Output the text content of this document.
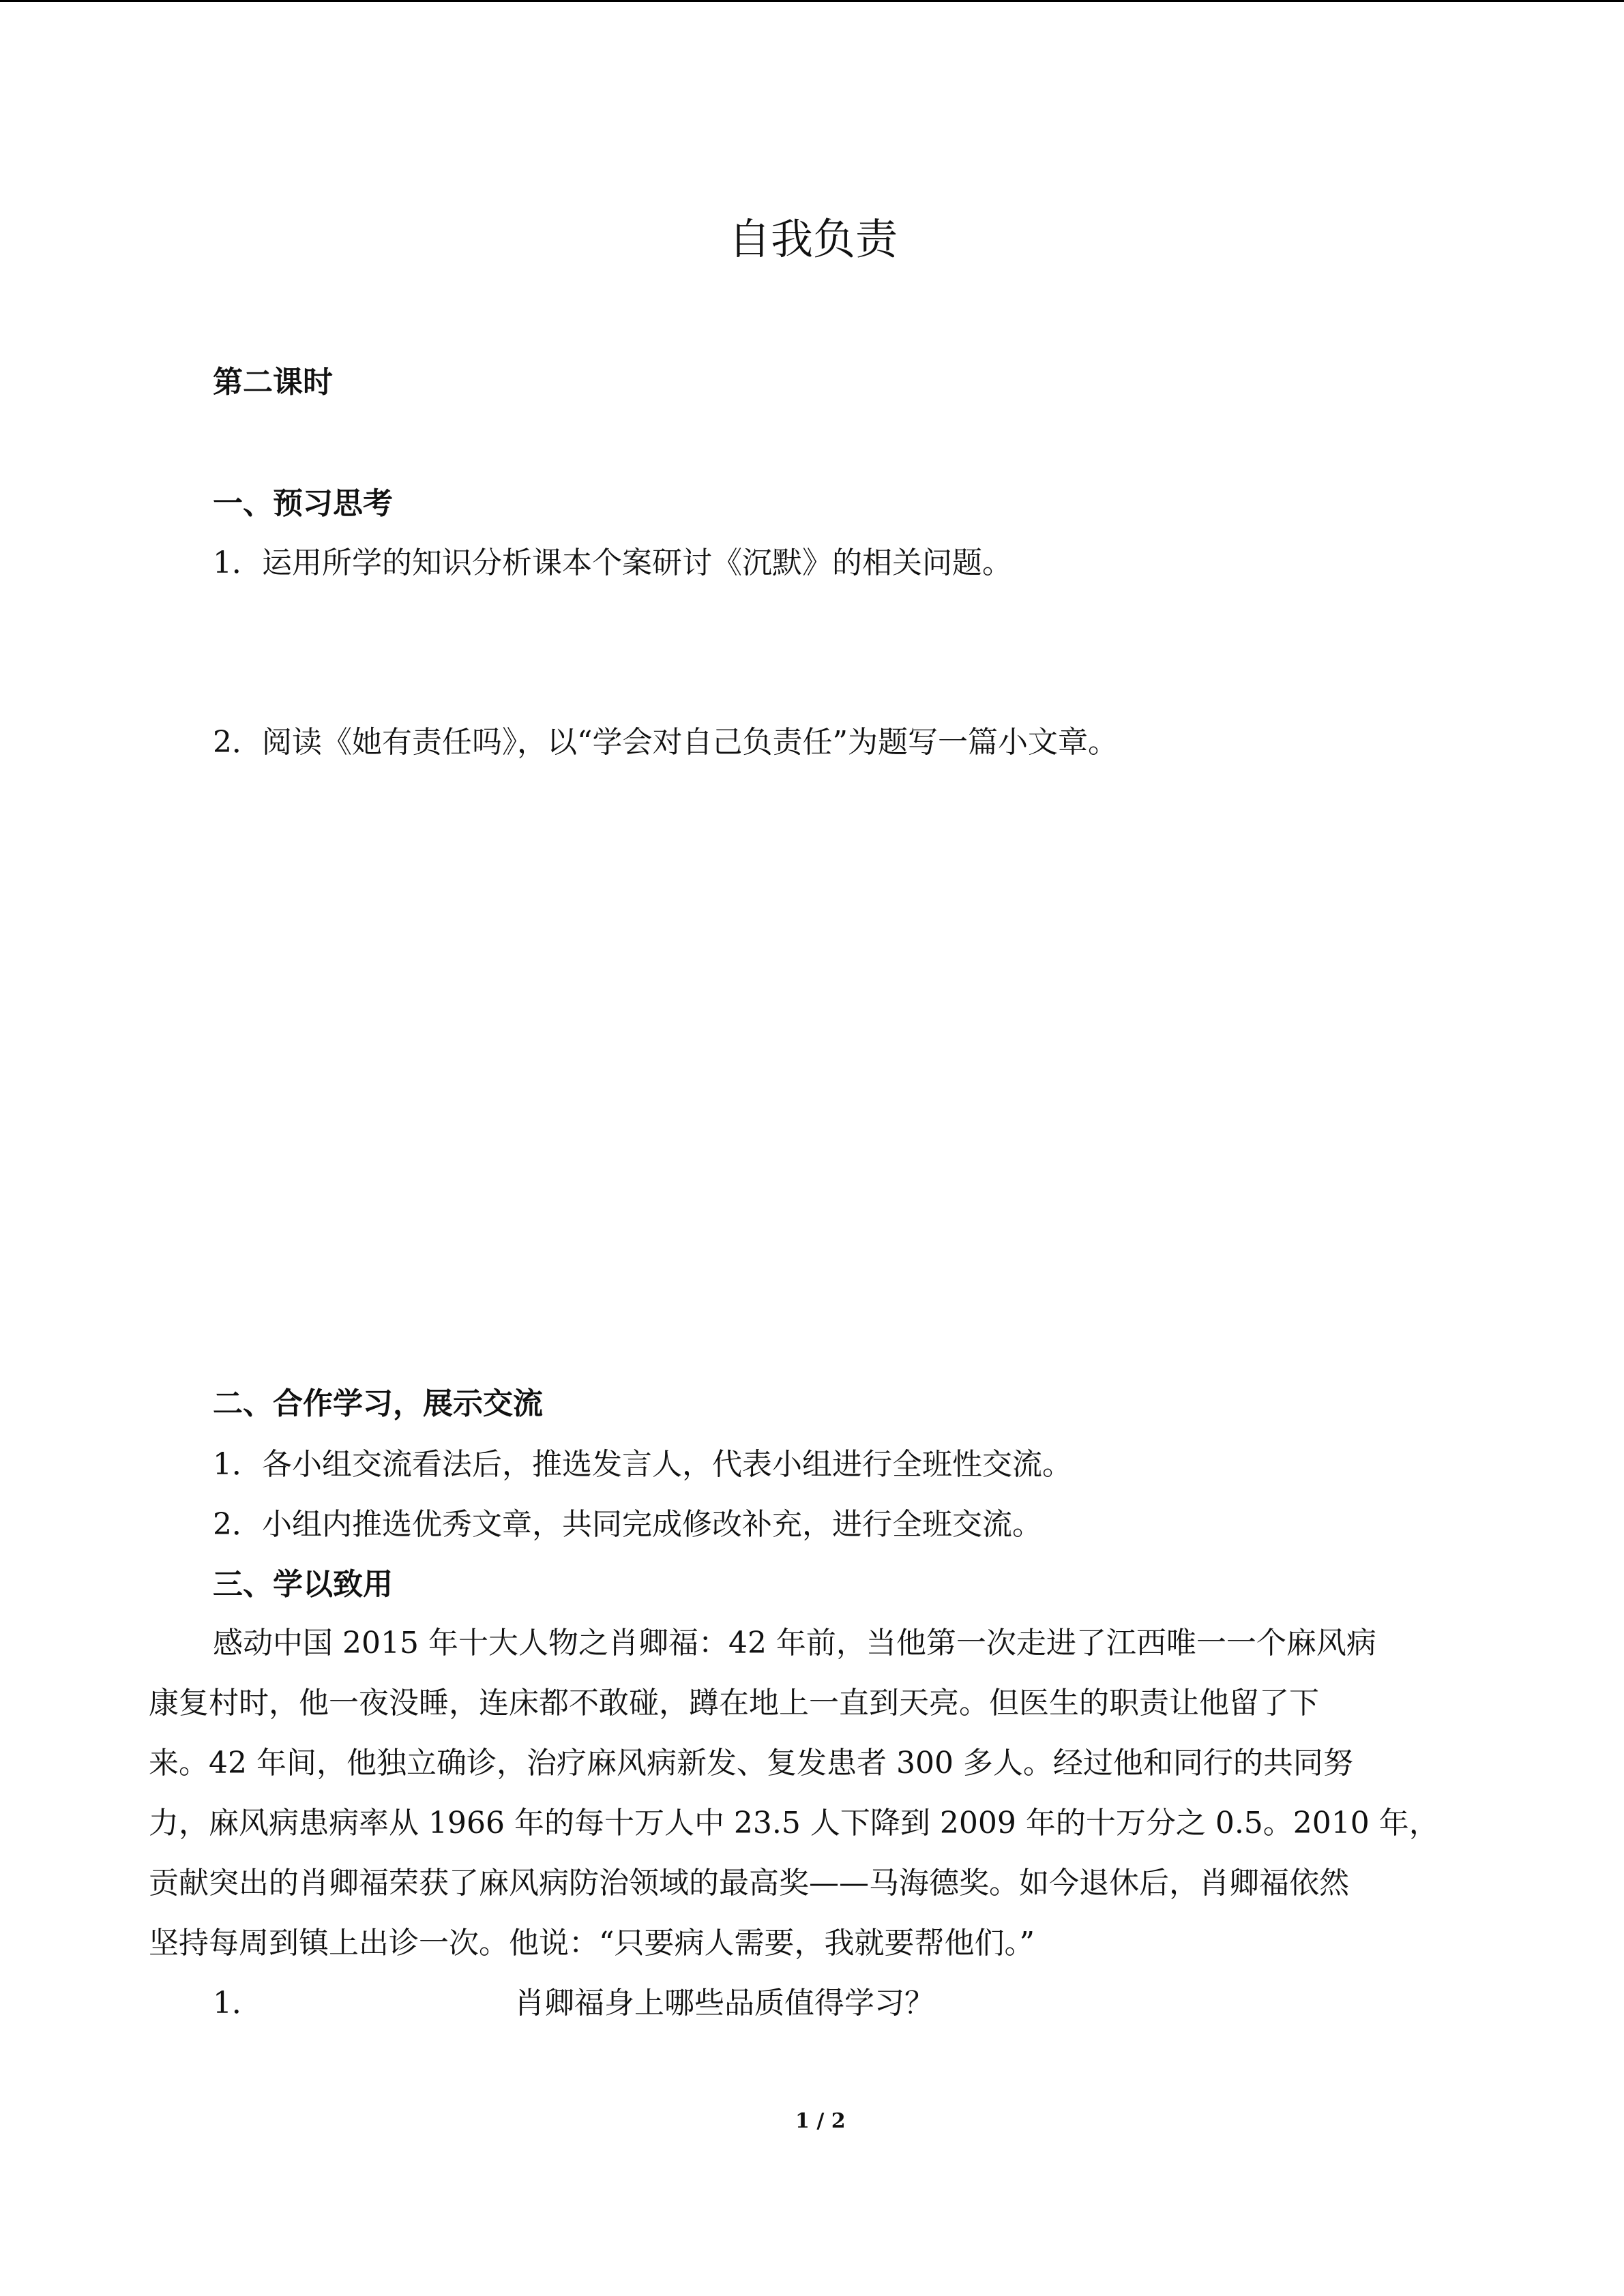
自我负责
第二课时
一、预习思考
1．运用所学的知识分析课本个案研讨《沉默》的相关问题。
2．阅读《她有责任吗》，以“学会对自己负责任”为题写一篇小文章。
二、合作学习，展示交流
1．各小组交流看法后，推选发言人，代表小组进行全班性交流。
2．小组内推选优秀文章，共同完成修改补充，进行全班交流。
三、学以致用
感动中国 2015 年十大人物之肖卿福：42 年前，当他第一次走进了江西唯一一个麻风病
康复村时，他一夜没睡，连床都不敢碰，蹲在地上一直到天亮。但医生的职责让他留了下
来。42 年间，他独立确诊，治疗麻风病新发、复发患者 300 多人。经过他和同行的共同努
力，麻风病患病率从 1966 年的每十万人中 23.5 人下降到 2009 年的十万分之 0.5。2010 年，
贡献突出的肖卿福荣获了麻风病防治领域的最高奖——马海德奖。如今退休后，肖卿福依然
坚持每周到镇上出诊一次。他说：“只要病人需要，我就要帮他们。”
1．	肖卿福身上哪些品质值得学习？
1 / 2
